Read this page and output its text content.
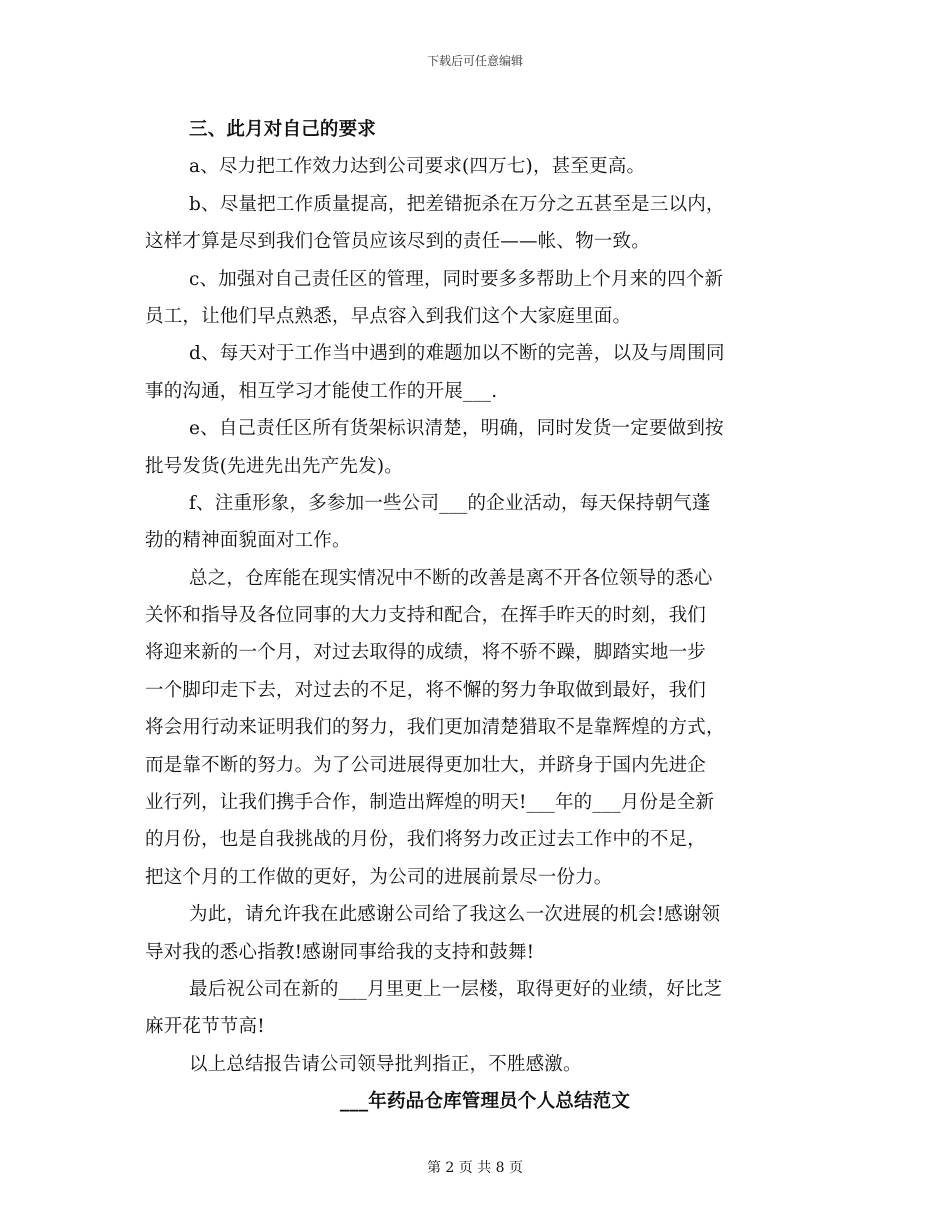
下载后可任意编辑
三、此月对自己的要求
a、尽力把工作效力达到公司要求(四万七)，甚至更高。
b、尽量把工作质量提高，把差错扼杀在万分之五甚至是三以内，
这样才算是尽到我们仓管员应该尽到的责任——帐、物一致。
c、加强对自己责任区的管理，同时要多多帮助上个月来的四个新
员工，让他们早点熟悉，早点容入到我们这个大家庭里面。
d、每天对于工作当中遇到的难题加以不断的完善，以及与周围同
事的沟通，相互学习才能使工作的开展___.
e、自己责任区所有货架标识清楚，明确，同时发货一定要做到按
批号发货(先进先出先产先发)。
f、注重形象，多参加一些公司___的企业活动，每天保持朝气蓬
勃的精神面貌面对工作。
总之，仓库能在现实情况中不断的改善是离不开各位领导的悉心
关怀和指导及各位同事的大力支持和配合，在挥手昨天的时刻，我们
将迎来新的一个月，对过去取得的成绩，将不骄不躁，脚踏实地一步
一个脚印走下去，对过去的不足，将不懈的努力争取做到最好，我们
将会用行动来证明我们的努力，我们更加清楚猎取不是靠辉煌的方式，
而是靠不断的努力。为了公司进展得更加壮大，并跻身于国内先进企
业行列，让我们携手合作，制造出辉煌的明天!___年的___月份是全新
的月份，也是自我挑战的月份，我们将努力改正过去工作中的不足，
把这个月的工作做的更好，为公司的进展前景尽一份力。
为此，请允许我在此感谢公司给了我这么一次进展的机会!感谢领
导对我的悉心指教!感谢同事给我的支持和鼓舞!
最后祝公司在新的___月里更上一层楼，取得更好的业绩，好比芝
麻开花节节高!
以上总结报告请公司领导批判指正，不胜感激。
___年药品仓库管理员个人总结范文
第 2 页 共 8 页
